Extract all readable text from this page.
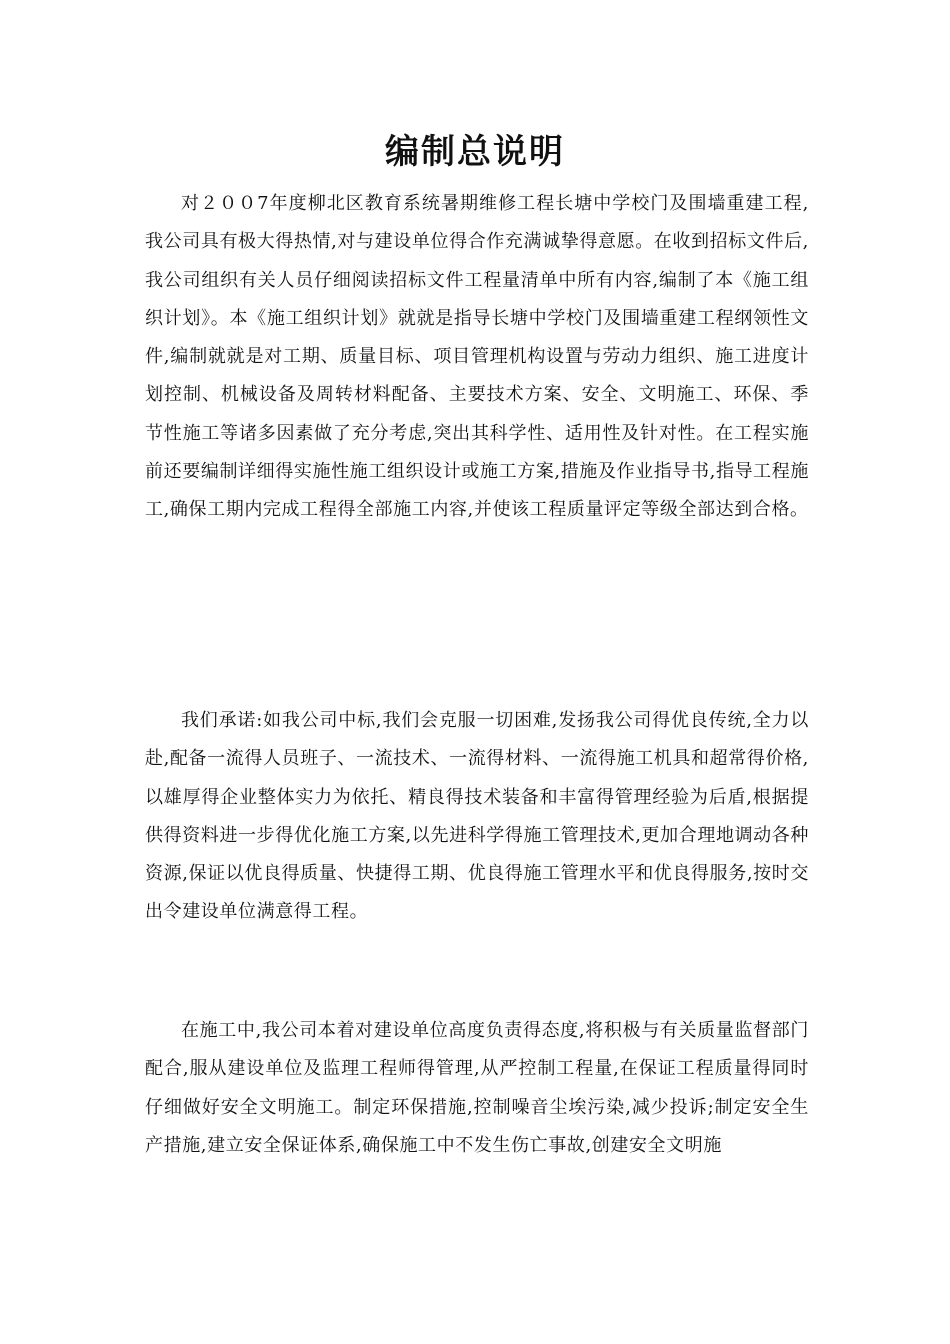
编制总说明

对２００7年度柳北区教育系统暑期维修工程长塘中学校门及围墙重建工程,我公司具有极大得热情,对与建设单位得合作充满诚挚得意愿。在收到招标文件后,我公司组织有关人员仔细阅读招标文件工程量清单中所有内容,编制了本《施工组织计划》。本《施工组织计划》就就是指导长塘中学校门及围墙重建工程纲领性文件,编制就就是对工期、质量目标、项目管理机构设置与劳动力组织、施工进度计划控制、机械设备及周转材料配备、主要技术方案、安全、文明施工、环保、季节性施工等诸多因素做了充分考虑,突出其科学性、适用性及针对性。在工程实施前还要编制详细得实施性施工组织设计或施工方案,措施及作业指导书,指导工程施工,确保工期内完成工程得全部施工内容,并使该工程质量评定等级全部达到合格。

我们承诺:如我公司中标,我们会克服一切困难,发扬我公司得优良传统,全力以赴,配备一流得人员班子、一流技术、一流得材料、一流得施工机具和超常得价格,以雄厚得企业整体实力为依托、精良得技术装备和丰富得管理经验为后盾,根据提供得资料进一步得优化施工方案,以先进科学得施工管理技术,更加合理地调动各种资源,保证以优良得质量、快捷得工期、优良得施工管理水平和优良得服务,按时交出令建设单位满意得工程。

在施工中,我公司本着对建设单位高度负责得态度,将积极与有关质量监督部门配合,服从建设单位及监理工程师得管理,从严控制工程量,在保证工程质量得同时仔细做好安全文明施工。制定环保措施,控制噪音尘埃污染,减少投诉;制定安全生产措施,建立安全保证体系,确保施工中不发生伤亡事故,创建安全文明施
